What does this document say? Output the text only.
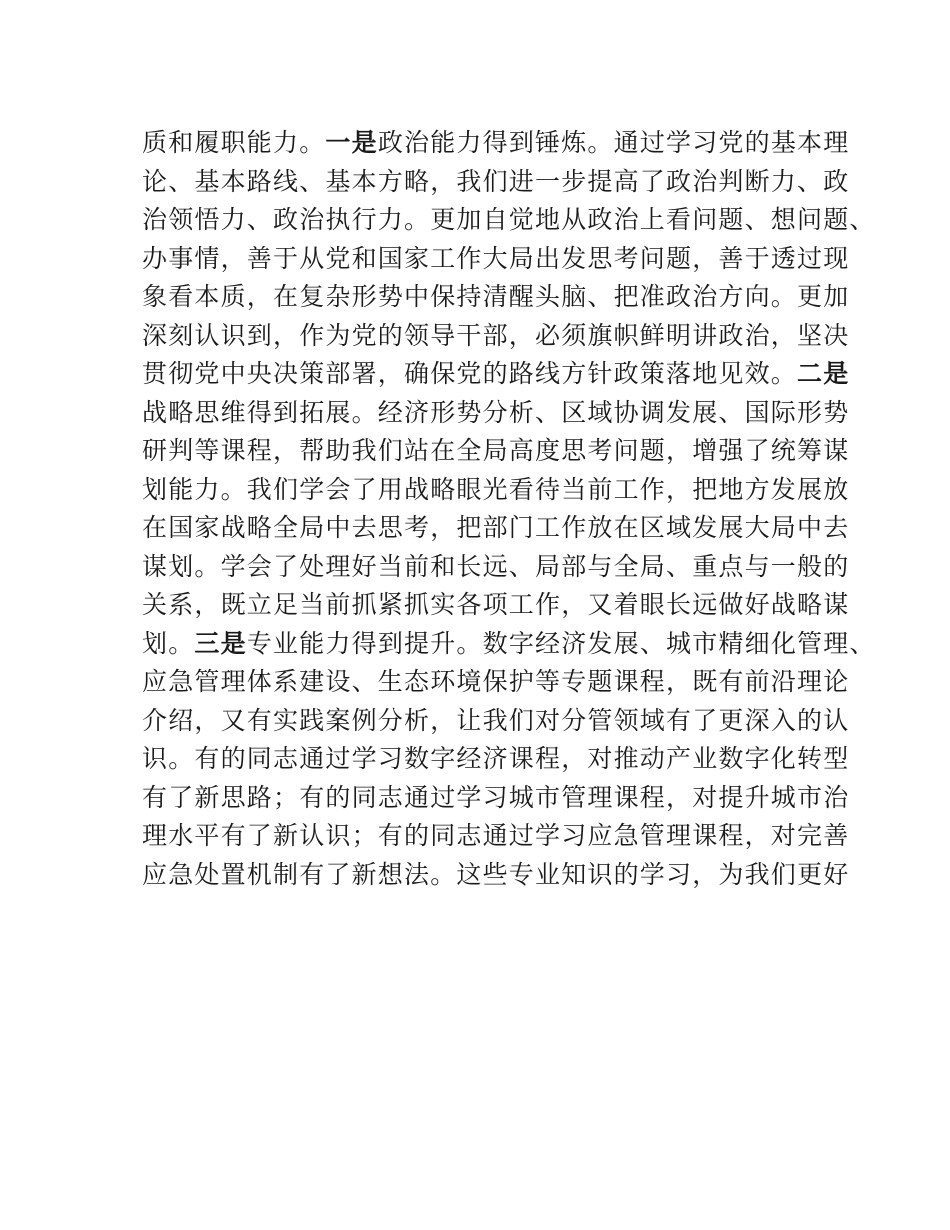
质和履职能力。一是政治能力得到锤炼。通过学习党的基本理
论、基本路线、基本方略，我们进一步提高了政治判断力、政
治领悟力、政治执行力。更加自觉地从政治上看问题、想问题、
办事情，善于从党和国家工作大局出发思考问题，善于透过现
象看本质，在复杂形势中保持清醒头脑、把准政治方向。更加
深刻认识到，作为党的领导干部，必须旗帜鲜明讲政治，坚决
贯彻党中央决策部署，确保党的路线方针政策落地见效。二是
战略思维得到拓展。经济形势分析、区域协调发展、国际形势
研判等课程，帮助我们站在全局高度思考问题，增强了统筹谋
划能力。我们学会了用战略眼光看待当前工作，把地方发展放
在国家战略全局中去思考，把部门工作放在区域发展大局中去
谋划。学会了处理好当前和长远、局部与全局、重点与一般的
关系，既立足当前抓紧抓实各项工作，又着眼长远做好战略谋
划。三是专业能力得到提升。数字经济发展、城市精细化管理、
应急管理体系建设、生态环境保护等专题课程，既有前沿理论
介绍，又有实践案例分析，让我们对分管领域有了更深入的认
识。有的同志通过学习数字经济课程，对推动产业数字化转型
有了新思路；有的同志通过学习城市管理课程，对提升城市治
理水平有了新认识；有的同志通过学习应急管理课程，对完善
应急处置机制有了新想法。这些专业知识的学习，为我们更好
